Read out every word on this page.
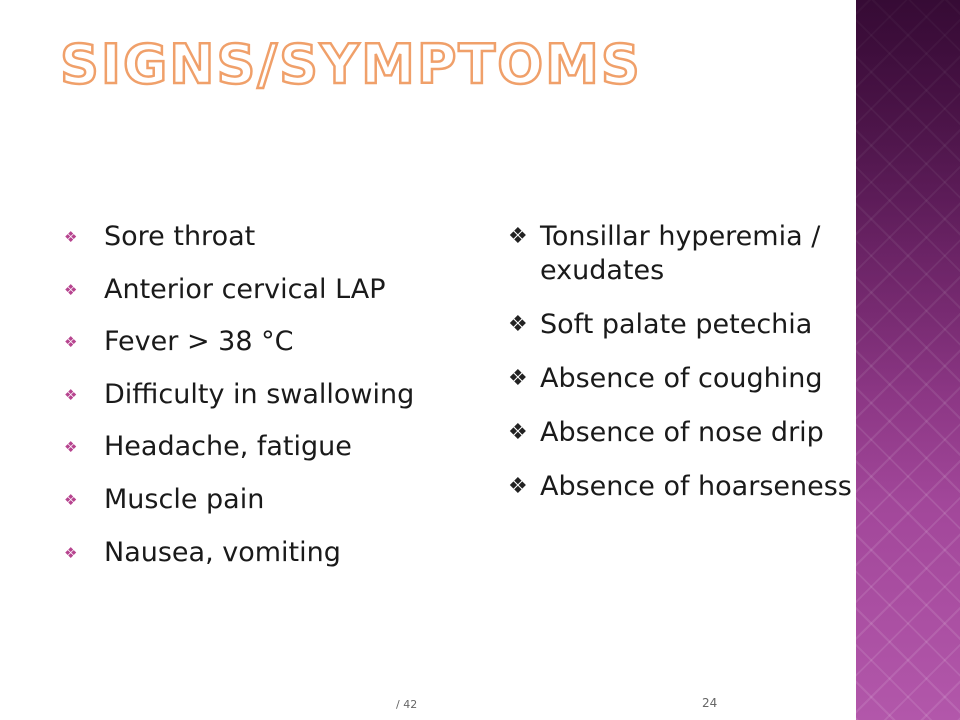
SIGNS/SYMPTOMS
❖ Sore throat
❖ Anterior cervical LAP
❖ Fever > 38 °C
❖ Difficulty in swallowing
❖ Headache, fatigue
❖ Muscle pain
❖ Nausea, vomiting
❖ Tonsillar hyperemia / exudates
❖ Soft palate petechia
❖ Absence of coughing
❖ Absence of nose drip
❖ Absence of hoarseness
/ 42	24
